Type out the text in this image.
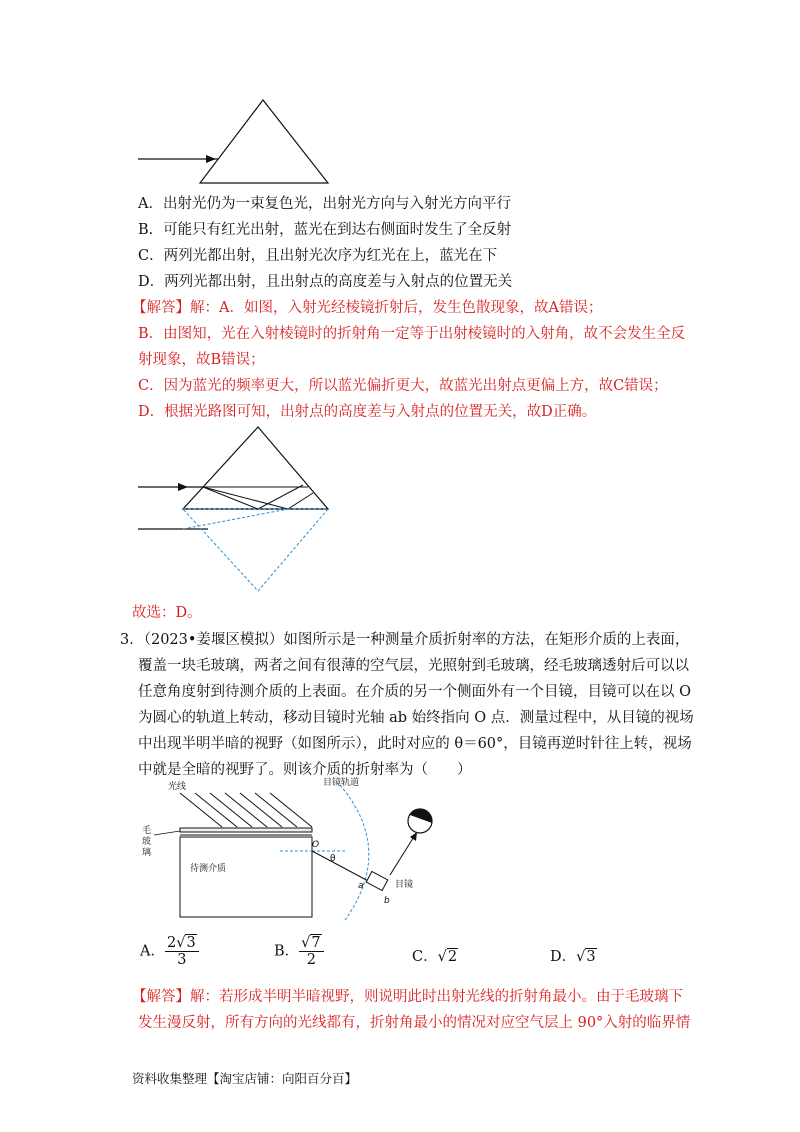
A．出射光仍为一束复色光，出射光方向与入射光方向平行
B．可能只有红光出射，蓝光在到达右侧面时发生了全反射
C．两列光都出射，且出射光次序为红光在上，蓝光在下
D．两列光都出射，且出射点的高度差与入射点的位置无关
【解答】解：A．如图，入射光经棱镜折射后，发生色散现象，故A错误；
B．由图知，光在入射棱镜时的折射角一定等于出射棱镜时的入射角，故不会发生全反
射现象，故B错误；
C．因为蓝光的频率更大，所以蓝光偏折更大，故蓝光出射点更偏上方，故C错误；
D．根据光路图可知，出射点的高度差与入射点的位置无关，故D正确。
故选：D。
3．（2023•姜堰区模拟）如图所示是一种测量介质折射率的方法，在矩形介质的上表面，
覆盖一块毛玻璃，两者之间有很薄的空气层，光照射到毛玻璃，经毛玻璃透射后可以以
任意角度射到待测介质的上表面。在介质的另一个侧面外有一个目镜，目镜可以在以 O
为圆心的轨道上转动，移动目镜时光轴 ab 始终指向 O 点．测量过程中，从目镜的视场
中出现半明半暗的视野（如图所示），此时对应的 θ＝60°，目镜再逆时针往上转，视场
中就是全暗的视野了。则该介质的折射率为（　　）
光线	目镜轨道
毛
玻
璃
待测介质
O
θ
a
b
目镜
A． $\frac{2√3}{3}$	B． $\frac{√7}{2}$	C．√2	D．√3
【解答】解：若形成半明半暗视野，则说明此时出射光线的折射角最小。由于毛玻璃下
发生漫反射，所有方向的光线都有，折射角最小的情况对应空气层上 90°入射的临界情
资料收集整理【淘宝店铺：向阳百分百】
